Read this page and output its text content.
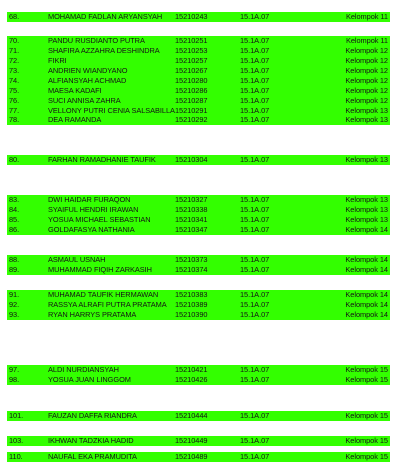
68.	MOHAMAD FADLAN ARYANSYAH 15210243	15.1A.07	Kelompok 11
70.	PANDU RUSDIANTO PUTRA	15210251	15.1A.07	Kelompok 11
71.	SHAFIRA AZZAHRA DESHINDRA 15210253	15.1A.07	Kelompok 12
72.	FIKRI	15210257	15.1A.07	Kelompok 12
73.	ANDRIEN WIANDYANO	15210267	15.1A.07	Kelompok 12
74.	ALFIANSYAH ACHMAD	15210280	15.1A.07	Kelompok 12
75.	MAESA KADAFI	15210286	15.1A.07	Kelompok 12
76.	SUCI ANNISA ZAHRA	15210287	15.1A.07	Kelompok 12
77.	VELLONY PUTRI CENIA SALSABILLA 15210291	15.1A.07	Kelompok 13
78.	DEA RAMANDA	15210292	15.1A.07	Kelompok 13
80.	FARHAN RAMADHANIE TAUFIK	15210304	15.1A.07	Kelompok 13
83.	DWI HAIDAR FURAQON	15210327	15.1A.07	Kelompok 13
84.	SYAIFUL HENDRI IRAWAN	15210338	15.1A.07	Kelompok 13
85.	YOSUA MICHAEL SEBASTIAN	15210341	15.1A.07	Kelompok 13
86.	GOLDAFASYA NATHANIA	15210347	15.1A.07	Kelompok 14
88.	ASMAUL USNAH	15210373	15.1A.07	Kelompok 14
89.	MUHAMMAD FIQIH ZARKASIH	15210374	15.1A.07	Kelompok 14
91.	MUHAMAD TAUFIK HERMAWAN 15210383	15.1A.07	Kelompok 14
92.	RASSYA ALRAFI PUTRA PRATAMA 15210389	15.1A.07	Kelompok 14
93.	RYAN HARRYS PRATAMA	15210390	15.1A.07	Kelompok 14
97.	ALDI NURDIANSYAH	15210421	15.1A.07	Kelompok 15
98.	YOSUA JUAN LINGGOM	15210426	15.1A.07	Kelompok 15
101.	FAUZAN DAFFA RIANDRA	15210444	15.1A.07	Kelompok 15
103.	IKHWAN TADZKIA HADID	15210449	15.1A.07	Kelompok 15
110.	NAUFAL EKA PRAMUDITA	15210489	15.1A.07	Kelompok 15
